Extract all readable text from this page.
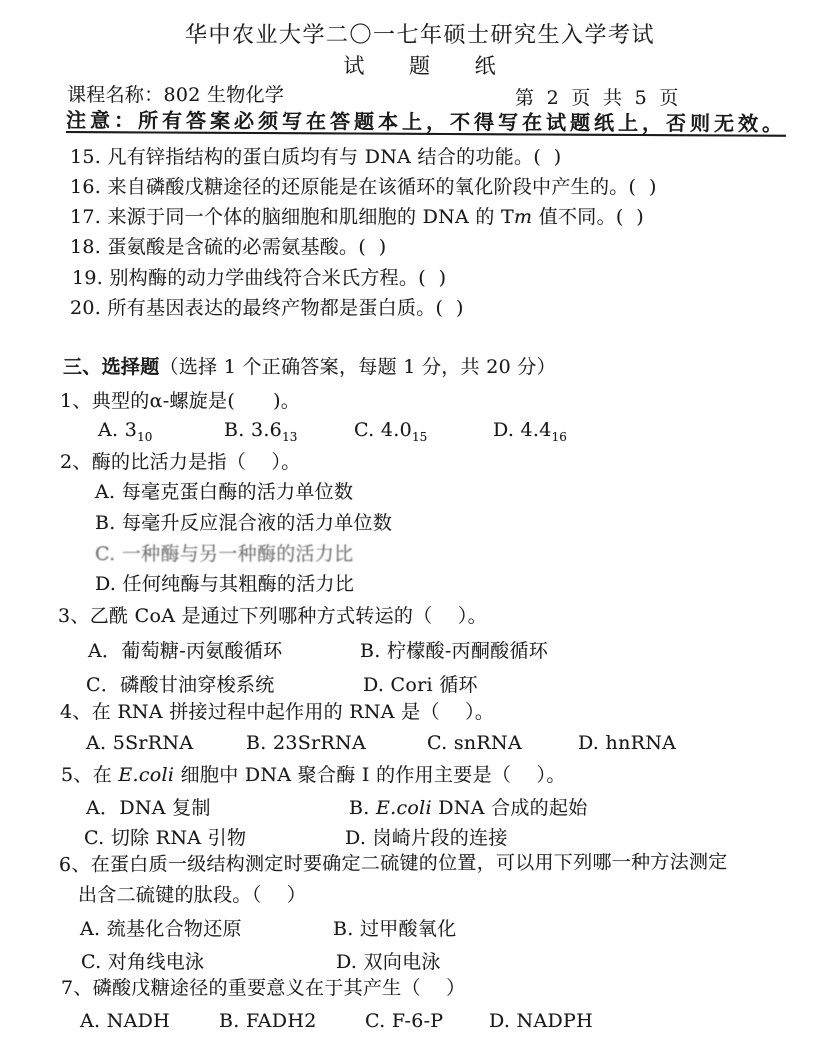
华中农业大学二〇一七年硕士研究生入学考试
试 题 纸
课程名称：802 生物化学	第 2 页 共 5 页
注意：所有答案必须写在答题本上，不得写在试题纸上，否则无效。
15. 凡有锌指结构的蛋白质均有与 DNA 结合的功能。(  )
16. 来自磷酸戊糖途径的还原能是在该循环的氧化阶段中产生的。(  )
17. 来源于同一个体的脑细胞和肌细胞的 DNA 的 Tm 值不同。(  )
18. 蛋氨酸是含硫的必需氨基酸。(  )
19. 别构酶的动力学曲线符合米氏方程。(  )
20. 所有基因表达的最终产物都是蛋白质。(  )
三、选择题（选择 1 个正确答案，每题 1 分，共 20 分）
1、典型的α-螺旋是(      )。
A. $3_{10}$	B. $3.6_{13}$	C. $4.0_{15}$	D. $4.4_{16}$
2、酶的比活力是指（    ）。
A. 每毫克蛋白酶的活力单位数
B. 每毫升反应混合液的活力单位数
C. 一种酶与另一种酶的活力比
D. 任何纯酶与其粗酶的活力比
3、乙酰 CoA 是通过下列哪种方式转运的（    ）。
A．葡萄糖-丙氨酸循环	B. 柠檬酸-丙酮酸循环
C．磷酸甘油穿梭系统	D. Cori 循环
4、在 RNA 拼接过程中起作用的 RNA 是（    ）。
A. 5SrRNA	B. 23SrRNA	C. snRNA	D. hnRNA
5、在 E.coli 细胞中 DNA 聚合酶 I 的作用主要是（    ）。
A．DNA 复制	B. E.coli DNA 合成的起始
C. 切除 RNA 引物	D. 岗崎片段的连接
6、在蛋白质一级结构测定时要确定二硫键的位置，可以用下列哪一种方法测定
出含二硫键的肽段。（    ）
A. 巯基化合物还原	B. 过甲酸氧化
C. 对角线电泳	D. 双向电泳
7、磷酸戊糖途径的重要意义在于其产生（    ）
A. NADH	B. FADH2	C. F-6-P D. NADPH
